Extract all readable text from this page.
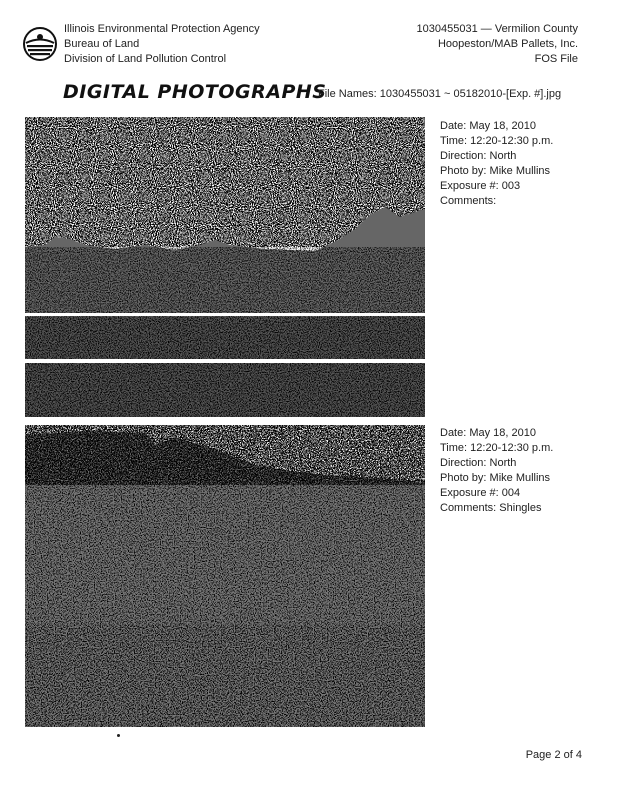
Illinois Environmental Protection Agency
Bureau of Land
Division of Land Pollution Control
1030455031 — Vermilion County
Hoopeston/MAB Pallets, Inc.
FOS File
DIGITAL PHOTOGRAPHS
File Names: 1030455031 ~ 05182010-[Exp. #].jpg
Date: May 18, 2010
Time: 12:20-12:30 p.m.
Direction: North
Photo by: Mike Mullins
Exposure #: 003
Comments:
Date: May 18, 2010
Time: 12:20-12:30 p.m.
Direction: North
Photo by: Mike Mullins
Exposure #: 004
Comments: Shingles
Page 2 of 4
